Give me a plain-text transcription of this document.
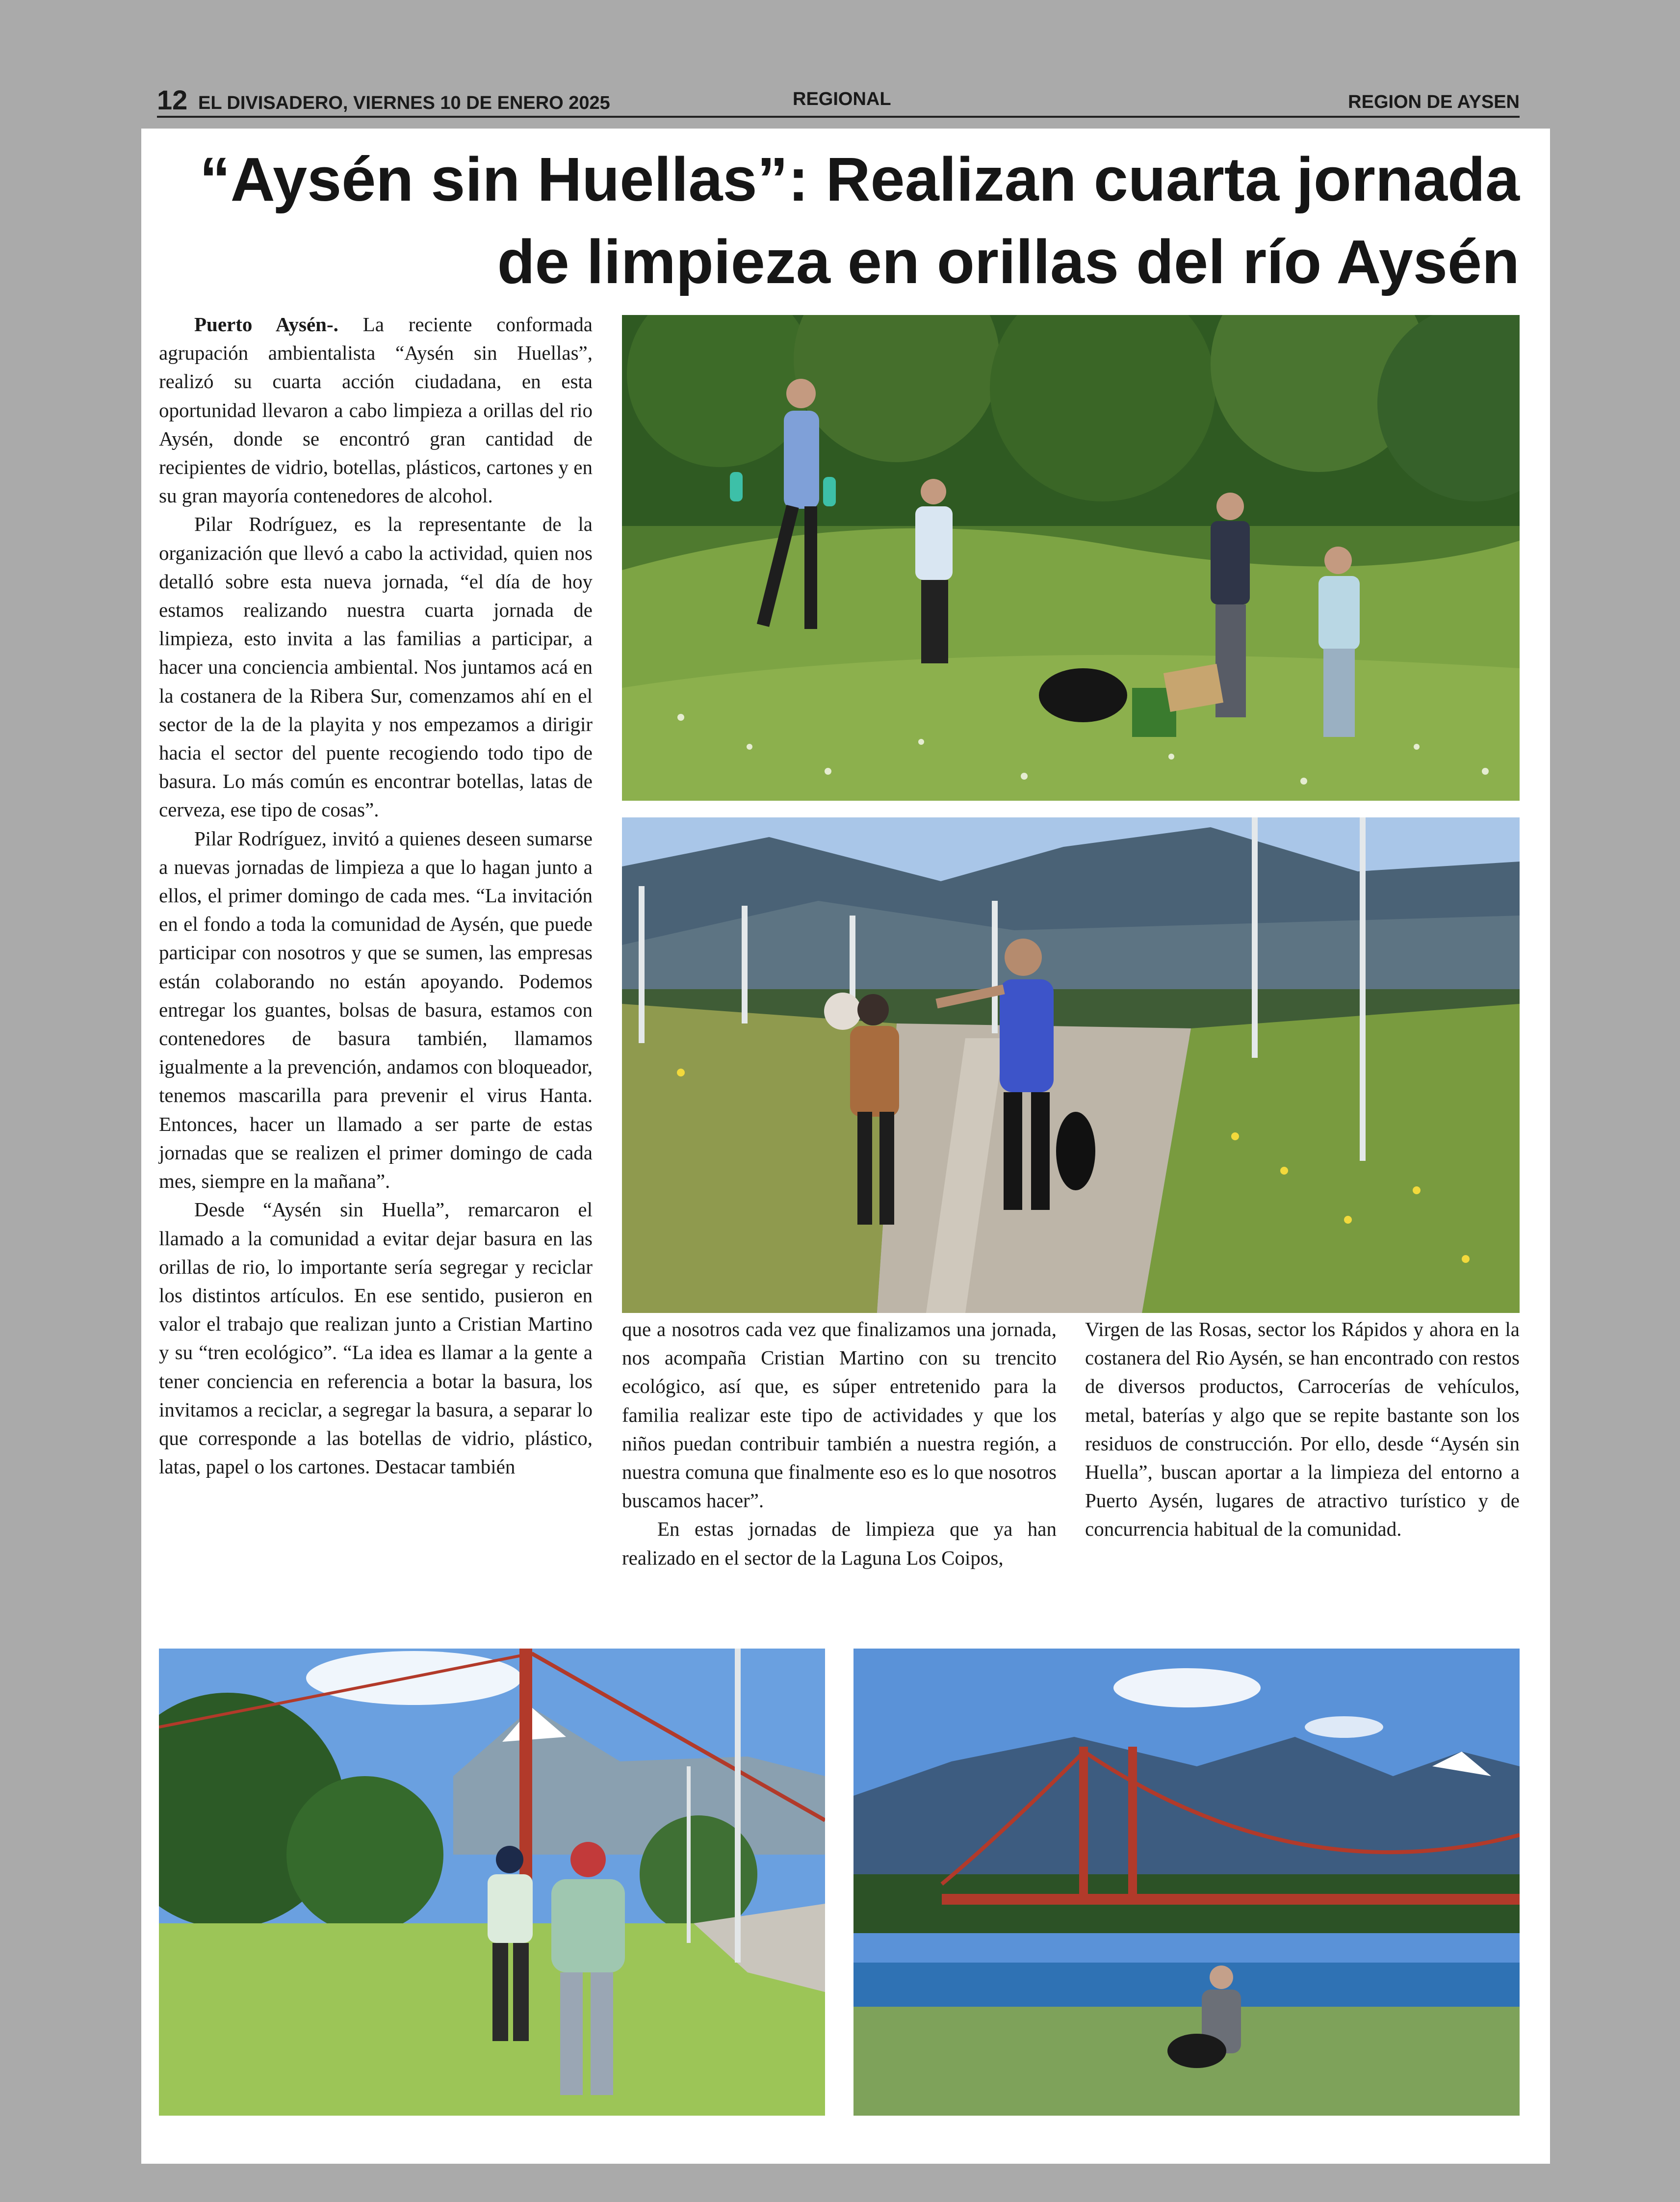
12 EL DIVISADERO, VIERNES 10 DE ENERO 2025	REGIONAL	REGION DE AYSEN
“Aysén sin Huellas”: Realizan cuarta jornada
de limpieza en orillas del río Aysén

Puerto Aysén-. La reciente conformada agrupación ambientalista “Aysén sin Huellas”, realizó su cuarta acción ciudadana, en esta oportunidad llevaron a cabo limpieza a orillas del rio Aysén, donde se encontró gran cantidad de recipientes de vidrio, botellas, plásticos, cartones y en su gran mayoría contenedores de alcohol.

Pilar Rodríguez, es la representante de la organización que llevó a cabo la actividad, quien nos detalló sobre esta nueva jornada, “el día de hoy estamos realizando nuestra cuarta jornada de limpieza, esto invita a las familias a participar, a hacer una conciencia ambiental. Nos juntamos acá en la costanera de la Ribera Sur, comenzamos ahí en el sector de la de la playita y nos empezamos a dirigir hacia el sector del puente recogiendo todo tipo de basura. Lo más común es encontrar botellas, latas de cerveza, ese tipo de cosas”.

Pilar Rodríguez, invitó a quienes deseen sumarse a nuevas jornadas de limpieza a que lo hagan junto a ellos, el primer domingo de cada mes. “La invitación en el fondo a toda la comunidad de Aysén, que puede participar con nosotros y que se sumen, las empresas están colaborando no están apoyando. Podemos entregar los guantes, bolsas de basura, estamos con contenedores de basura también, llamamos igualmente a la prevención, andamos con bloqueador, tenemos mascarilla para prevenir el virus Hanta. Entonces, hacer un llamado a ser parte de estas jornadas que se realizen el primer domingo de cada mes, siempre en la mañana”.

Desde “Aysén sin Huella”, remarcaron el llamado a la comunidad a evitar dejar basura en las orillas de rio, lo importante sería segregar y reciclar los distintos artículos. En ese sentido, pusieron en valor el trabajo que realizan junto a Cristian Martino y su “tren ecológico”. “La idea es llamar a la gente a tener conciencia en referencia a botar la basura, los invitamos a reciclar, a segregar la basura, a separar lo que corresponde a las botellas de vidrio, plástico, latas, papel o los cartones. Destacar también

que a nosotros cada vez que finalizamos una jornada, nos acompaña Cristian Martino con su trencito ecológico, así que, es súper entretenido para la familia realizar este tipo de actividades y que los niños puedan contribuir también a nuestra región, a nuestra comuna que finalmente eso es lo que nosotros buscamos hacer”.

En estas jornadas de limpieza que ya han realizado en el sector de la Laguna Los Coipos,

Virgen de las Rosas, sector los Rápidos y ahora en la costanera del Rio Aysén, se han encontrado con restos de diversos productos, Carrocerías de vehículos, metal, baterías y algo que se repite bastante son los residuos de construcción. Por ello, desde “Aysén sin Huella”, buscan aportar a la limpieza del entorno a Puerto Aysén, lugares de atractivo turístico y de concurrencia habitual de la comunidad.
